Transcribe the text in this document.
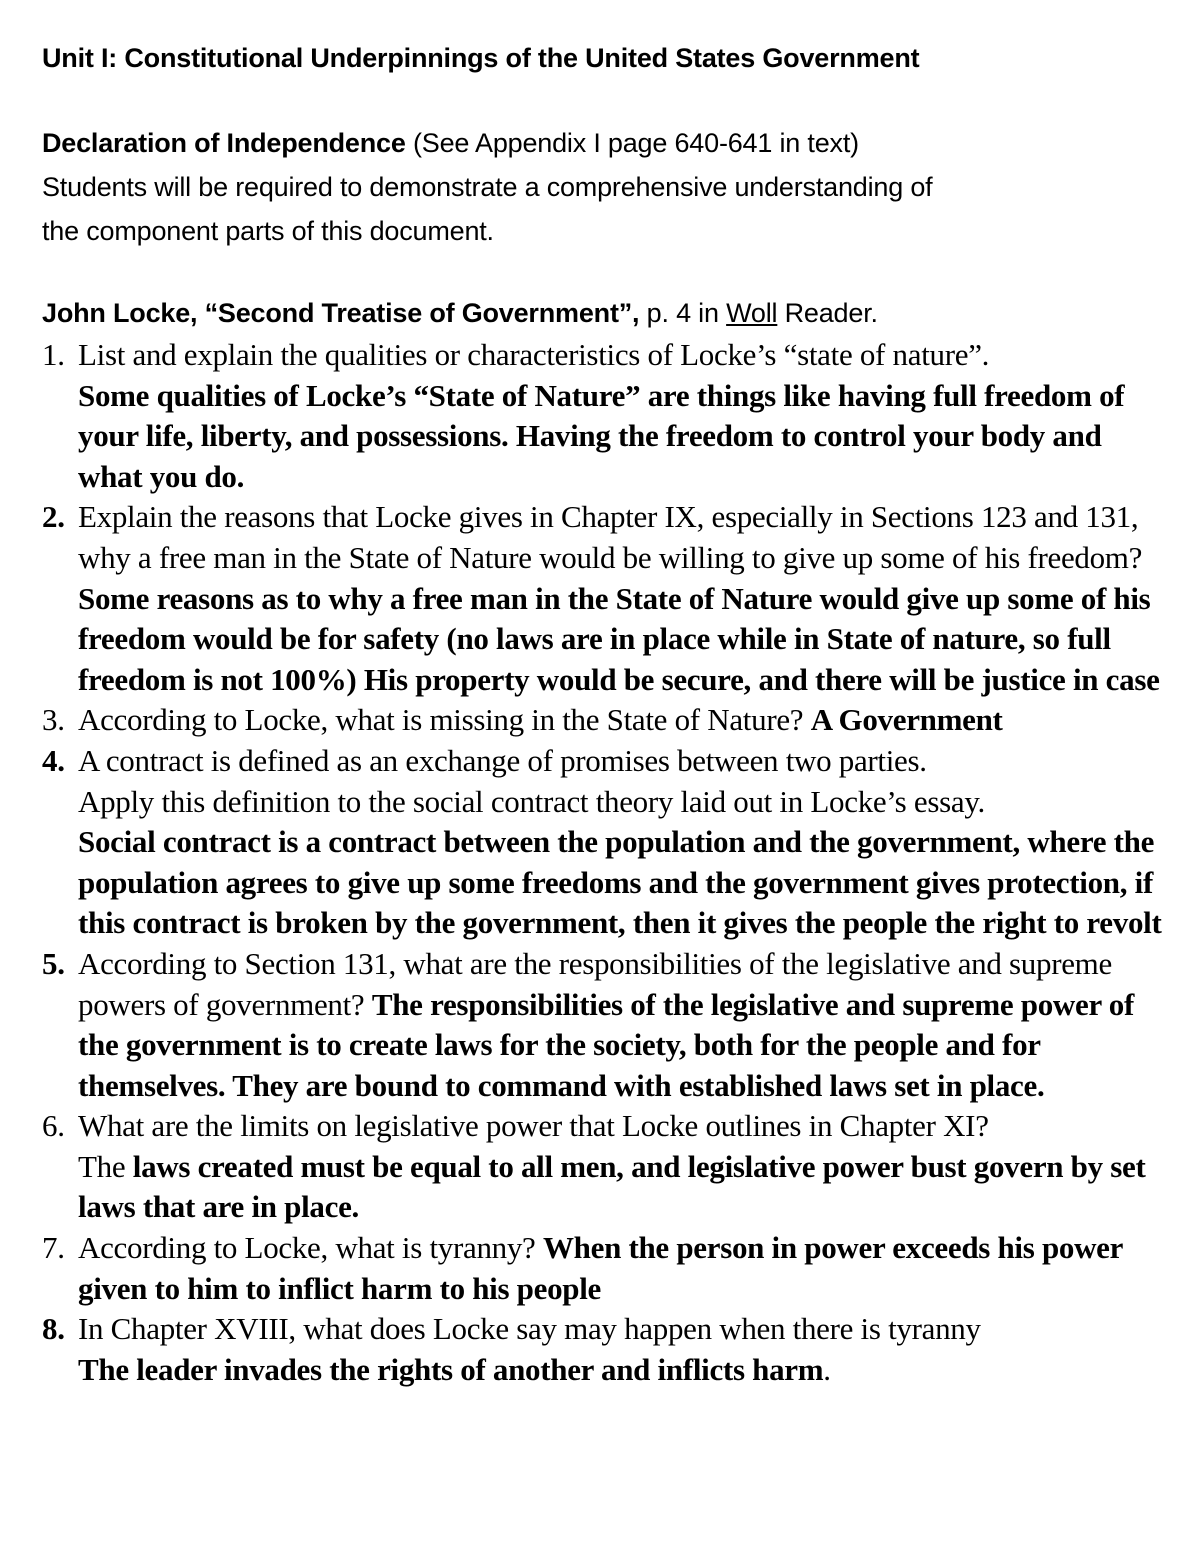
Unit I: Constitutional Underpinnings of the United States Government
Declaration of Independence (See Appendix I page 640-641 in text)
Students will be required to demonstrate a comprehensive understanding of
the component parts of this document.
John Locke, “Second Treatise of Government”, p. 4 in Woll Reader.
1. List and explain the qualities or characteristics of Locke’s “state of nature”.
Some qualities of Locke’s “State of Nature” are things like having full freedom of your life, liberty, and possessions. Having the freedom to control your body and what you do.
2. Explain the reasons that Locke gives in Chapter IX, especially in Sections 123 and 131, why a free man in the State of Nature would be willing to give up some of his freedom? Some reasons as to why a free man in the State of Nature would give up some of his freedom would be for safety (no laws are in place while in State of nature, so full freedom is not 100%) His property would be secure, and there will be justice in case
3. According to Locke, what is missing in the State of Nature? A Government
4. A contract is defined as an exchange of promises between two parties.
Apply this definition to the social contract theory laid out in Locke’s essay.
Social contract is a contract between the population and the government, where the population agrees to give up some freedoms and the government gives protection, if this contract is broken by the government, then it gives the people the right to revolt
5. According to Section 131, what are the responsibilities of the legislative and supreme powers of government? The responsibilities of the legislative and supreme power of the government is to create laws for the society, both for the people and for themselves. They are bound to command with established laws set in place.
6. What are the limits on legislative power that Locke outlines in Chapter XI?
The laws created must be equal to all men, and legislative power bust govern by set laws that are in place.
7. According to Locke, what is tyranny? When the person in power exceeds his power given to him to inflict harm to his people
8. In Chapter XVIII, what does Locke say may happen when there is tyranny
The leader invades the rights of another and inflicts harm.
